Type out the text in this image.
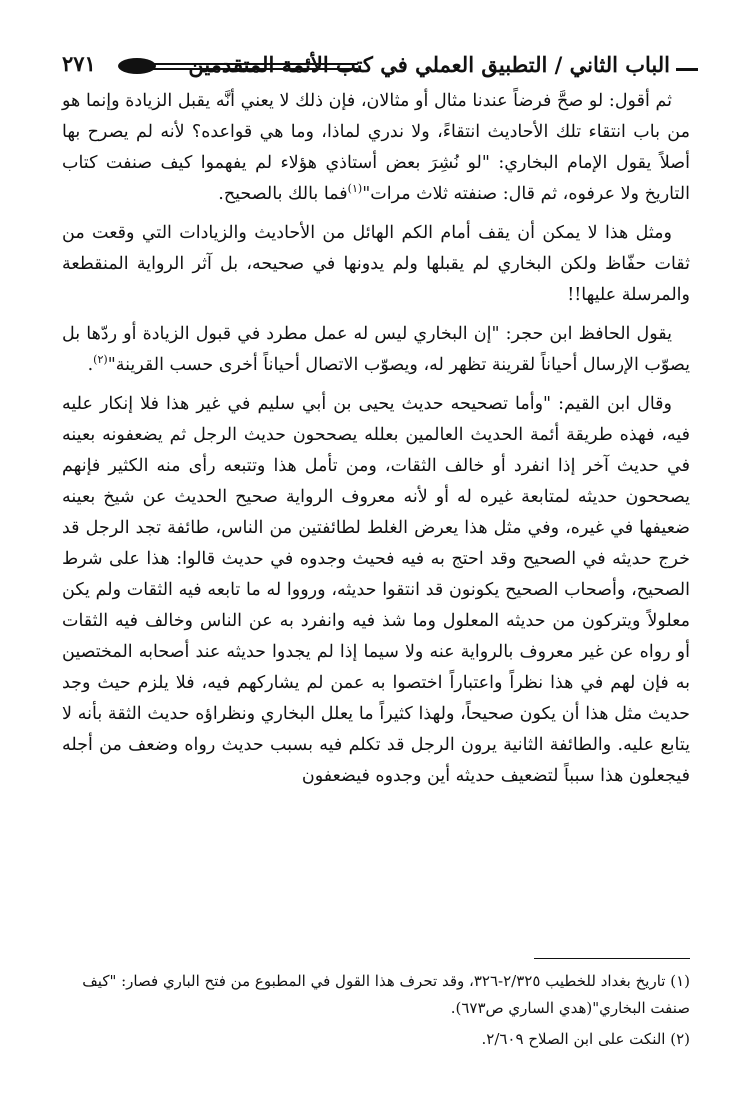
الباب الثاني / التطبيق العملي في كتب الأئمة المتقدمين
٢٧١

ثم أقول: لو صحَّ فرضاً عندنا مثال أو مثالان، فإن ذلك لا يعني أنَّه يقبل الزيادة وإنما هو من باب انتقاء تلك الأحاديث انتقاءً، ولا ندري لماذا، وما هي قواعده؟ لأنه لم يصرح بها أصلاً يقول الإمام البخاري: "لو نُشِرَ بعض أستاذي هؤلاء لم يفهموا كيف صنفت كتاب التاريخ ولا عرفوه، ثم قال: صنفته ثلاث مرات"$^{(١)}$فما بالك بالصحيح.

ومثل هذا لا يمكن أن يقف أمام الكم الهائل من الأحاديث والزيادات التي وقعت من ثقات حفّاظ ولكن البخاري لم يقبلها ولم يدونها في صحيحه، بل آثر الرواية المنقطعة والمرسلة عليها!!

يقول الحافظ ابن حجر: "إن البخاري ليس له عمل مطرد في قبول الزيادة أو ردّها بل يصوّب الإرسال أحياناً لقرينة تظهر له، ويصوّب الاتصال أحياناً أخرى حسب القرينة"$^{(٢)}$.

وقال ابن القيم: "وأما تصحيحه حديث يحيى بن أبي سليم في غير هذا فلا إنكار عليه فيه، فهذه طريقة أئمة الحديث العالمين بعلله يصححون حديث الرجل ثم يضعفونه بعينه في حديث آخر إذا انفرد أو خالف الثقات، ومن تأمل هذا وتتبعه رأى منه الكثير فإنهم يصححون حديثه لمتابعة غيره له أو لأنه معروف الرواية صحيح الحديث عن شيخ بعينه ضعيفها في غيره، وفي مثل هذا يعرض الغلط لطائفتين من الناس، طائفة تجد الرجل قد خرج حديثه في الصحيح وقد احتج به فيه فحيث وجدوه في حديث قالوا: هذا على شرط الصحيح، وأصحاب الصحيح يكونون قد انتقوا حديثه، ورووا له ما تابعه فيه الثقات ولم يكن معلولاً ويتركون من حديثه المعلول وما شذ فيه وانفرد به عن الناس وخالف فيه الثقات أو رواه عن غير معروف بالرواية عنه ولا سيما إذا لم يجدوا حديثه عند أصحابه المختصين به فإن لهم في هذا نظراً واعتباراً اختصوا به عمن لم يشاركهم فيه، فلا يلزم حيث وجد حديث مثل هذا أن يكون صحيحاً، ولهذا كثيراً ما يعلل البخاري ونظراؤه حديث الثقة بأنه لا يتابع عليه. والطائفة الثانية يرون الرجل قد تكلم فيه بسبب حديث رواه وضعف من أجله فيجعلون هذا سبباً لتضعيف حديثه أين وجدوه فيضعفون

(١) تاريخ بغداد للخطيب ٢/٣٢٥-٣٢٦، وقد تحرف هذا القول في المطبوع من فتح الباري فصار: "كيف صنفت البخاري"(هدي الساري ص٦٧٣).

(٢) النكت على ابن الصلاح ٢/٦٠٩.
